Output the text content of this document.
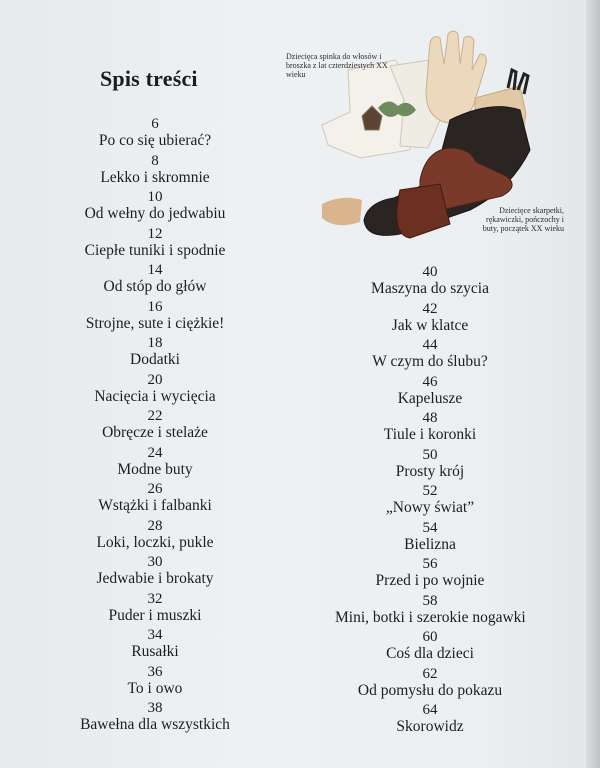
Spis treści
Dziecięca spinka do włosów i broszka z lat czterdziestych XX wieku
Dziecięce skarpetki, rękawiczki, pończochy i buty, początek XX wieku
6
Po co się ubierać?
8
Lekko i skromnie
10
Od wełny do jedwabiu
12
Ciepłe tuniki i spodnie
14
Od stóp do głów
16
Strojne, sute i ciężkie!
18
Dodatki
20
Nacięcia i wycięcia
22
Obręcze i stelaże
24
Modne buty
26
Wstążki i falbanki
28
Loki, loczki, pukle
30
Jedwabie i brokaty
32
Puder i muszki
34
Rusałki
36
To i owo
38
Bawełna dla wszystkich
40
Maszyna do szycia
42
Jak w klatce
44
W czym do ślubu?
46
Kapelusze
48
Tiule i koronki
50
Prosty krój
52
„Nowy świat”
54
Bielizna
56
Przed i po wojnie
58
Mini, botki i szerokie nogawki
60
Coś dla dzieci
62
Od pomysłu do pokazu
64
Skorowidz
